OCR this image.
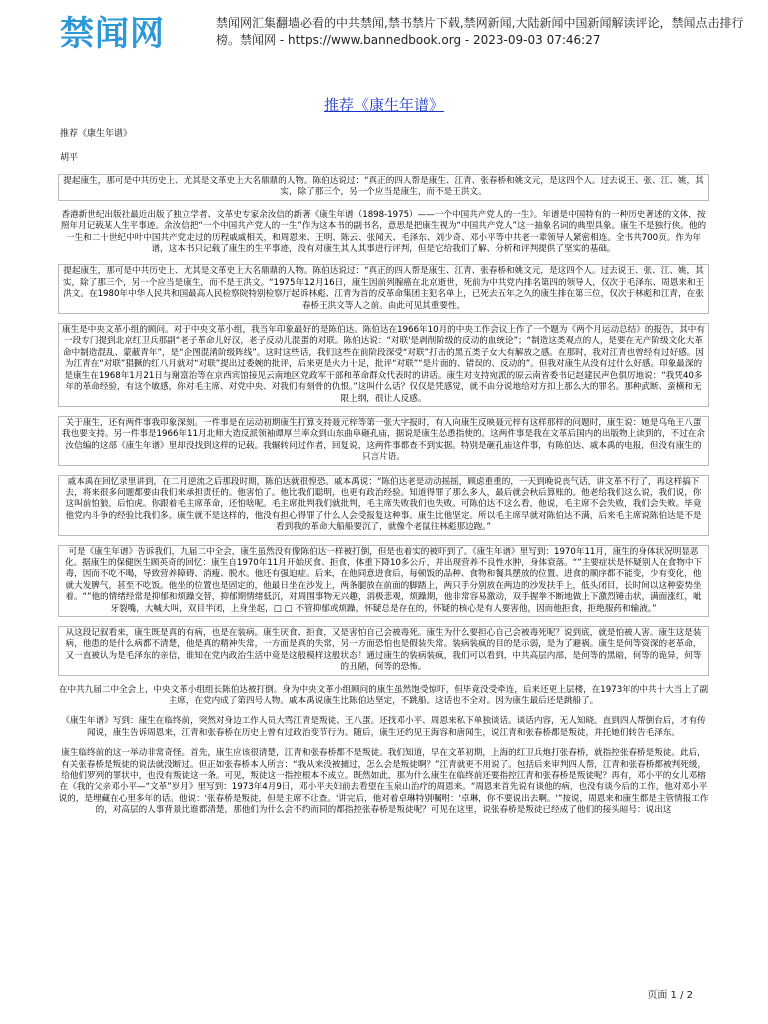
禁闻网	禁闻网汇集翻墙必看的中共禁闻,禁书禁片下载,禁网新闻,大陆新闻中国新闻解读评论，禁闻点击排行榜。禁闻网 - https://www.bannedbook.org - 2023-09-03 07:46:27
推荐《康生年谱》
推荐《康生年谱》
胡平
提起康生，那可是中共历史上、尤其是文革史上大名鼎鼎的人物。陈伯达说过：“真正的四人帮是康生、江青、张春桥和姚文元，是这四个人。过去说王、张、江、姚，其实，除了那三个，另一个应当是康生，而不是王洪文。
香港新世纪出版社最近出版了独立学者、文革史专家余汝信的新著《康生年谱（1898-1975）——一个中国共产党人的一生》。年谱是中国特有的一种历史著述的文体，按照年月记载某人生平事迹。余汝信把“一个中国共产党人的一生”作为这本书的副书名，意思是把康生视为“中国共产党人”这一抽象名词的典型具象。康生不是独行侠。他的一生和二十世纪中叶中国共产党走过的历程戚戚相关，和周恩来、王明、陈云、张闻天、毛泽东、刘少奇、邓小平等中共老一辈领导人紧密相连。全书共700页。作为年谱，这本书只记载了康生的生平事迹，没有对康生其人其事进行评判，但是它给我们了解、分析和评判提供了坚实的基础。
提起康生，那可是中共历史上、尤其是文革史上大名鼎鼎的人物。陈伯达说过：“真正的四人帮是康生、江青、张春桥和姚文元，是这四个人。过去说王、张、江、姚，其实，除了那三个，另一个应当是康生，而不是王洪文。“1975年12月16日，康生因前列腺癌在北京逝世，死前为中共党内排名第四的领导人，仅次于毛泽东、周恩来和王洪文。在1980年中华人民共和国最高人民检察院特别检察厅起诉林彪、江青为首的反革命集团主犯名单上，已死去五年之久的康生排在第三位，仅次于林彪和江青，在张春桥王洪文等人之前。由此可见其重要性。
康生是中央文革小组的顾问。对于中央文革小组，我当年印象最好的是陈伯达。陈伯达在1966年10月的中央工作会议上作了一个题为《两个月运动总结》的报告，其中有一段专门提到北京红卫兵那副“老子革命儿好汉，老子反动儿混蛋的对联。陈伯达说：“对联'是剥削阶级的反动的血统论”；“制造这类观点的人，是要在无产阶级文化大革命中制造混乱、蒙蔽青年”，是“企图混淆阶级阵线”。这时这些话，我们这些在前阶段深受“对联”打击的黑五类子女大有解放之感。在那时，我对江青也曾经有过好感。因为江青在“对联”猖獗的红八月就对“对联”提出过委婉的批评，后来更是火力十足，批评“对联”“是片面的、错误的、反动的”。但我对康生从没有过什么好感。印象最深的是康生在1968年1月21日与谢富治等在京西宾馆接见云南地区党政军干部和革命群众代表时的讲话。康生对支持宛派的原云南省委书记赵建民声色俱厉地说：“我凭40多年的革命经验，有这个敏感，你对毛主席、对党中央、对我们有刻骨的仇恨。”这叫什么话？仅仅是凭感觉，就不由分说地给对方扣上那么大的罪名。那种武断、蛮横和无限上纲，很让人反感。
关于康生，还有两件事我印象深刻。一件事是在运动初期康生打算支持聂元梓等第一张大字报时，有人向康生反映聂元梓有这样那样的问题时，康生说：她是乌龟王八蛋我也要支持。另一件事是1966年11月北师大造反派领袖谭厚兰率众到山东曲阜砸孔庙，据说是康生怂恿指使的。这两件事是我在文革后国内的出版物上读到的，不过在余汝信编的这部《康生年谱》里却没找到这样的记载。我辗转问过作者，回复说，这两件事都查不到实据。特别是砸孔庙这件事，有陈伯达、戚本禹的电报，但没有康生的只言片语。
戚本禹在回忆录里讲到，在二月逆流之后那段时期，陈伯达就很惶恐。戚本禹说：“陈伯达老是动动摇摇，顾虑重重的，一天到晚说丧气话，讲文革不行了，再这样搞下去，将来很多问题都要由我们来承担责任的。他害怕了。他比我们聪明，也更有政治经验。知道得罪了那么多人，最后就会秋后算账的。他老给我们这么说，我们说，你这叫前怕狼，后怕虎。你跟着毛主席革命，还怕啥呢。毛主席批判我们就批判，毛主席失败我们也失败。可陈伯达不这么看，他说，毛主席不会失败，我们会失败。毕竟他党内斗争的经验比我们多。康生就不是这样的，他没有担心得罪了什么人会受报复这种事。康生比他坚定。所以毛主席早就对陈伯达不满，后来毛主席说陈伯达是不是看到我的革命大船船要沉了，就像个老鼠往林彪那边跑。”
可是《康生年谱》告诉我们，九届二中全会，康生虽然没有像陈伯达一样被打倒，但是也着实的被吓到了。《康生年谱》里写到：1970年11月，康生的身体状况明显恶化。据康生的保健医生顾英奇的回忆：康生自1970年11月开始厌食、拒食，体重下降10多公斤，并出现营养不良性水肿，身体衰落。“”主要症状是怀疑别人在食物中下毒，因而不吃不喝，导致营养障碍、消瘦、脱水。他还有强迫症。后来，在他同意进食后，每顿饭的品种、食物和餐具摆放的位置、进食的顺序都不能变，少有变化，他就大发脾气，甚至不吃饭。他坐的位置也是固定的，他最日坐在沙发上，两条腿放在前面的脚踏上，两只手分别放在两边的沙发扶手上，低头闭目，长时间以这种姿势坐着。“”他的情绪经常是抑郁和烦躁交替，抑郁期情绪低沉，对周围事物无兴趣，消极悲观，烦躁期，他非常容易激动，双手握拳不断地做上下激烈锤击状，满面涨红，呲牙裂嘴，大喊大叫，双目半闭，上身坐起，□ □ 不管抑郁或烦躁，怀疑总是存在的，怀疑的核心是有人要害他，因而他拒食，拒绝服药和输液。”
从这段记叙看来，康生既是真的有病，也是在装病。康生厌食、拒食，又是害怕自己会被毒死。康生为什么要担心自己会被毒死呢？说到底，就是怕被人害。康生这是装病，他患的是什么病都不清楚，他是真的精神失常，一方面是真的失常，另一方面恐怕也是假装失常。装病装疯的目的是示弱，是为了避祸。康生是何等资深的老革命，又一直被认为是毛泽东的亲信，谁知在党内政治生活中竟是这般模样这般状态！通过康生的装病装疯，我们可以看到，中共高层内部，是何等的黑暗，何等的诡异，何等的丑陋，何等的恐怖。
在中共九届二中全会上，中央文革小组组长陈伯达被打倒。身为中央文革小组顾问的康生虽然饱受惊吓，但毕竟没受牵连，后来还更上层楼，在1973年的中共十大当上了副主席，在党内成了第四号人物。戚本禹说康生比陈伯达坚定，不跳船。这话也不全对。因为康生最后还是跳船了。
《康生年谱》写到：康生在临终前，突然对身边工作人员大骂江青是叛徒、王八蛋。还找邓小平、周恩来私下单独谈话。谈话内容，无人知晓。直到四人帮倒台后，才有传闻说，康生告诉周恩来，江青和张春桥在历史上曾有过政治变节行为。随后，康生还约见王海容和唐闻生，说江青和张春桥都是叛徒，并托她们转告毛泽东。
康生临终前的这一举动非常奇怪。首先，康生应该很清楚，江青和张春桥都不是叛徒。我们知道，早在文革初期，上海的红卫兵炮打张春桥，就指控张春桥是叛徒。此后，有关张春桥是叛徒的说法就没断过。但正如张春桥本人所言：“我从来没被捕过，怎么会是叛徒啊？”江青就更不用说了。包括后来审判四人帮，江青和张春桥都被判死缓，给他们罗列的罪状中，也没有叛徒这一条。可见，叛徒这一指控根本不成立。既然如此，那为什么康生在临终前还要指控江青和张春桥是叛徒呢？再有，邓小平的女儿邓榕在《我的父亲邓小平—“文革”岁月》里写到：1973年4月9日，邓小平夫妇前去看望在玉泉山治疗的周恩来。“周恩来首先说有谈他的病，也没有谈今后的工作，他对邓小平说的，是埋藏在心里多年的话。他说：'张春桥是叛徒，但是主席不让查。'讲完后，他对着卓琳特别嘱咐：'卓琳，你不要说出去啊。'”按说，周恩来和康生都是主管情报工作的，对高层的人事背景比谁都清楚，那他们为什么会不约而同的都指控张春桥是叛徒呢？可见在这里，说张春桥是叛徒已经成了他们的接头暗号：说出这
页面 1 / 2
